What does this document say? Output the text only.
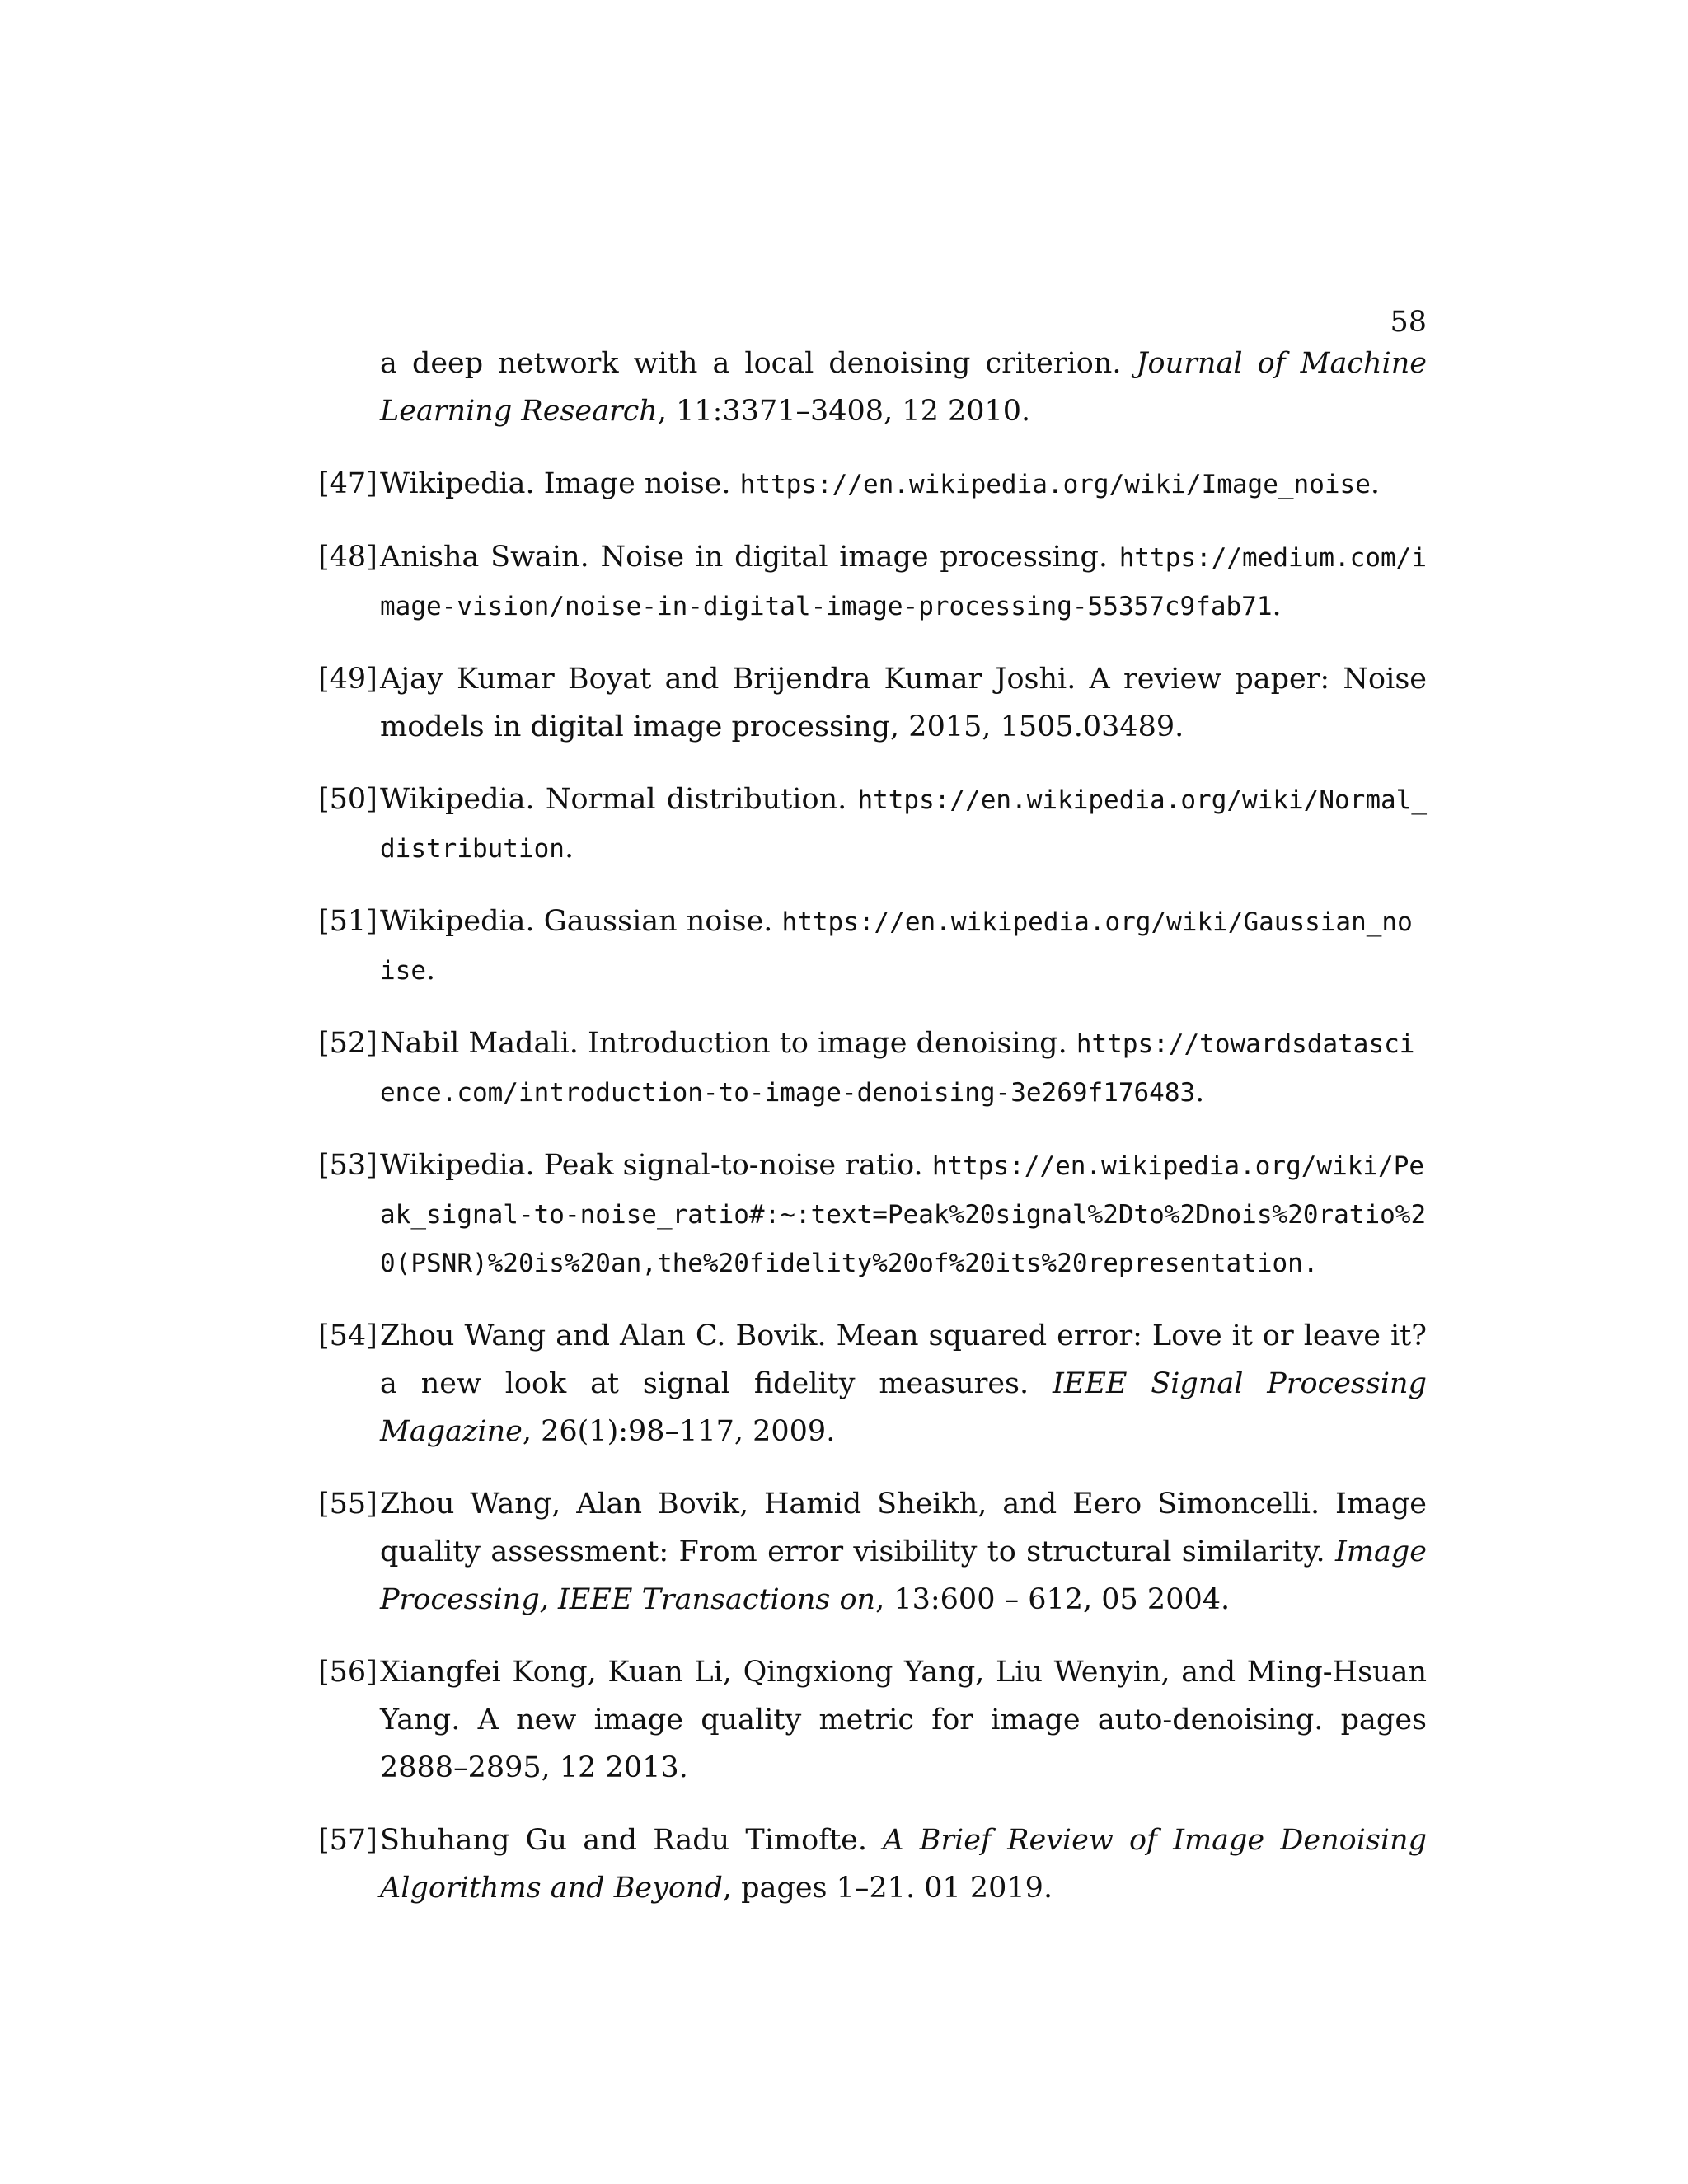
58
a deep network with a local denoising criterion. Journal of Machine Learning Research, 11:3371–3408, 12 2010.
[47] Wikipedia. Image noise. https://en.wikipedia.org/wiki/Image_noise.
[48] Anisha Swain. Noise in digital image processing. https://medium.com/image-vision/noise-in-digital-image-processing-55357c9fab71.
[49] Ajay Kumar Boyat and Brijendra Kumar Joshi. A review paper: Noise models in digital image processing, 2015, 1505.03489.
[50] Wikipedia. Normal distribution. https://en.wikipedia.org/wiki/Normal_distribution.
[51] Wikipedia. Gaussian noise. https://en.wikipedia.org/wiki/Gaussian_noise.
[52] Nabil Madali. Introduction to image denoising. https://towardsdatascience.com/introduction-to-image-denoising-3e269f176483.
[53] Wikipedia. Peak signal-to-noise ratio. https://en.wikipedia.org/wiki/Peak_signal-to-noise_ratio#:~:text=Peak%20signal%2Dto%2Dnois%20ratio%20(PSNR)%20is%20an,the%20fidelity%20of%20its%20representation.
[54] Zhou Wang and Alan C. Bovik. Mean squared error: Love it or leave it? a new look at signal fidelity measures. IEEE Signal Processing Magazine, 26(1):98–117, 2009.
[55] Zhou Wang, Alan Bovik, Hamid Sheikh, and Eero Simoncelli. Image quality assessment: From error visibility to structural similarity. Image Processing, IEEE Transactions on, 13:600 – 612, 05 2004.
[56] Xiangfei Kong, Kuan Li, Qingxiong Yang, Liu Wenyin, and Ming-Hsuan Yang. A new image quality metric for image auto-denoising. pages 2888–2895, 12 2013.
[57] Shuhang Gu and Radu Timofte. A Brief Review of Image Denoising Algorithms and Beyond, pages 1–21. 01 2019.
